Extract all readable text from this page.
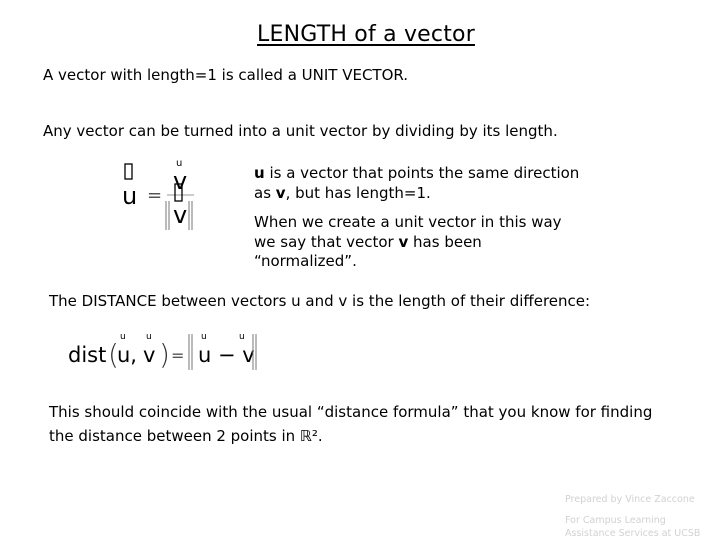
LENGTH of a vector
A vector with length=1 is called a UNIT VECTOR.
Any vector can be turned into a unit vector by dividing by its length.
u =
u
v
v

u is a vector that points the same direction as v, but has length=1.

When we create a unit vector in this way we say that vector v has been “normalized”.

The DISTANCE between vectors u and v is the length of their difference:
dist (
u
u,
u
v ) =
u	u
u − v
This should coincide with the usual “distance formula” that you know for finding the distance between 2 points in ℝ².
Prepared by Vince Zaccone
For Campus Learning
Assistance Services at UCSB
